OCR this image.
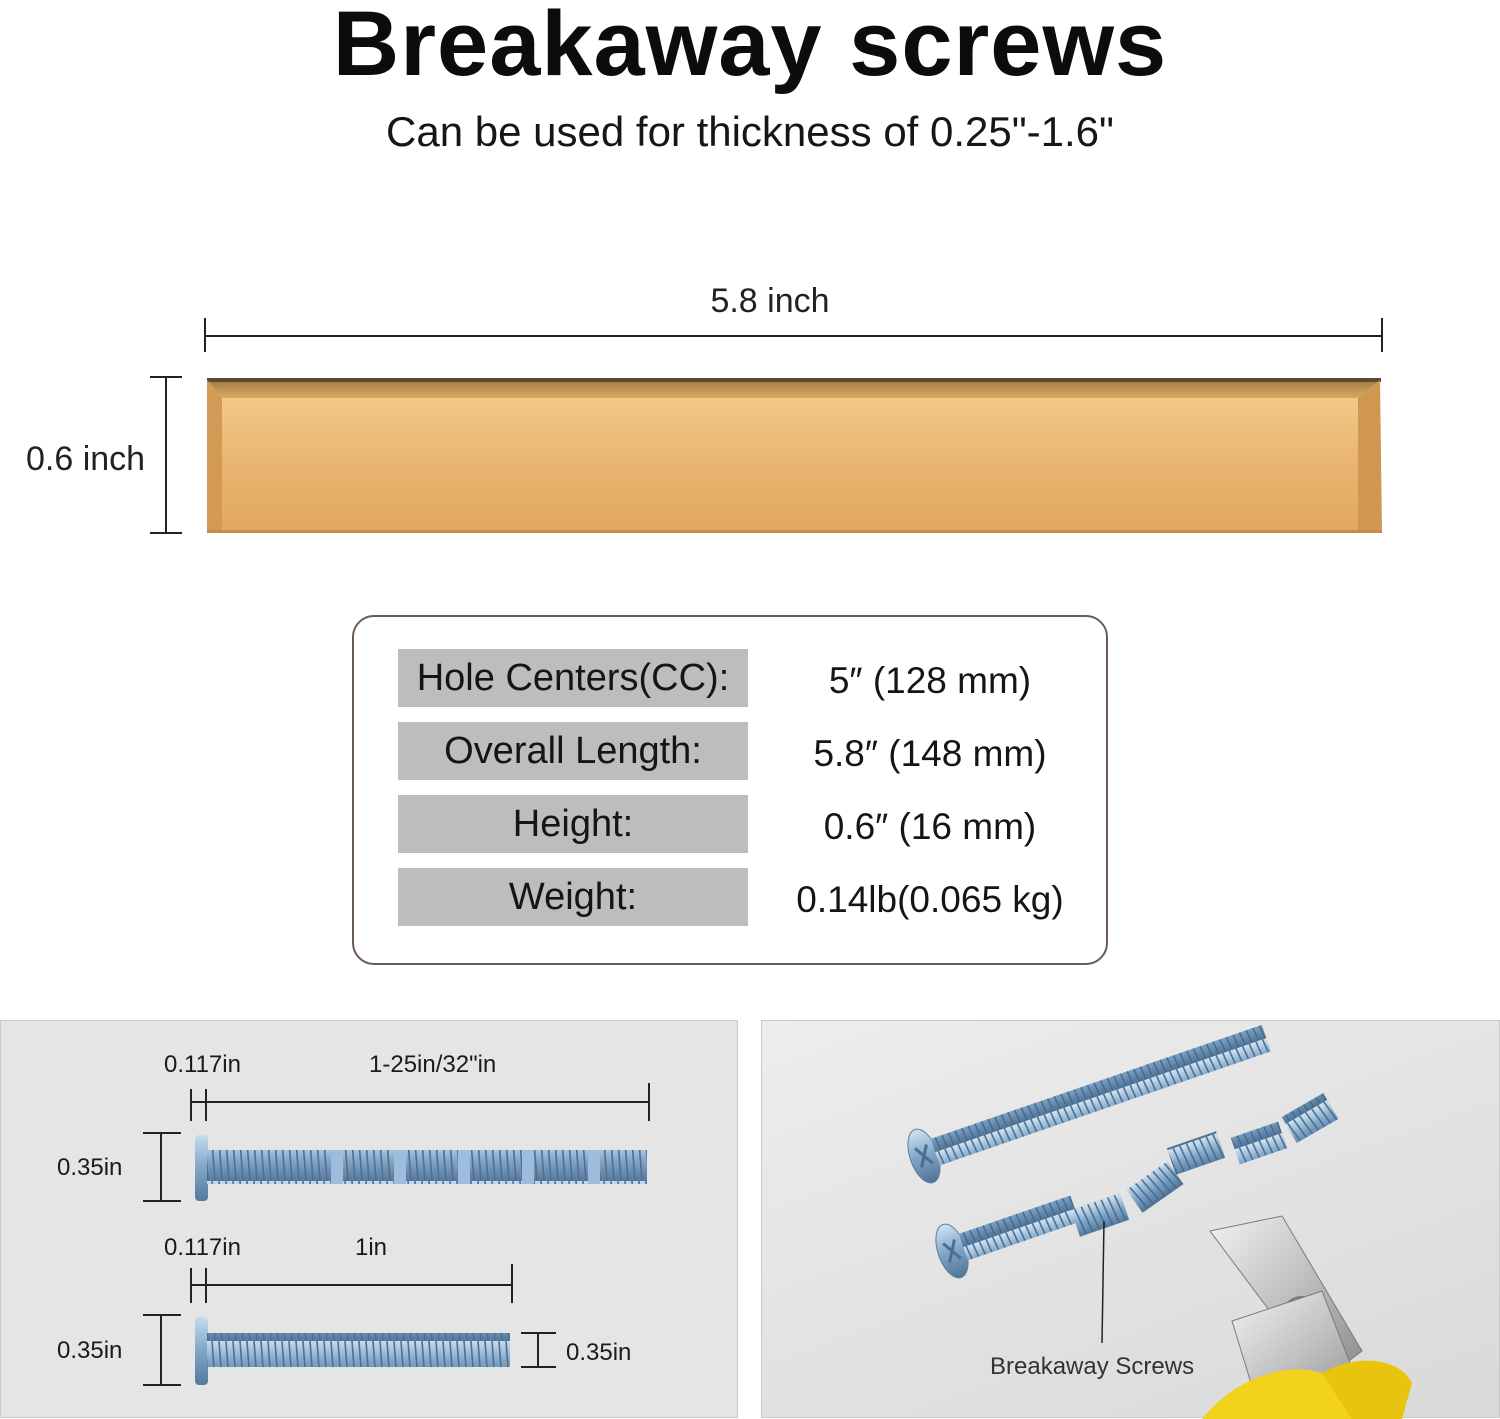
Breakaway screws
Can be used for thickness of 0.25"-1.6"
5.8 inch
0.6 inch
Hole Centers(CC):	5″ (128 mm)
Overall Length:	5.8″ (148 mm)
Height:	0.6″ (16 mm)
Weight:	0.14lb(0.065 kg)
0.117in	1-25in/32"in
0.35in
0.117in	1in
0.35in	0.35in
Breakaway Screws
